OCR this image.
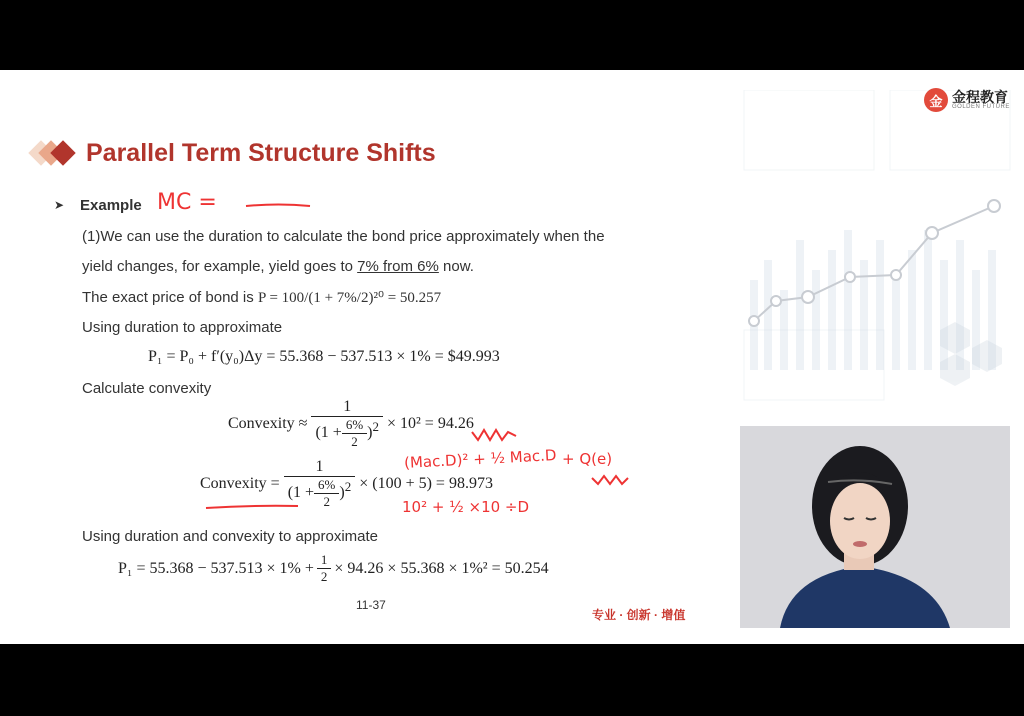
金 金程教育
GOLDEN FUTURE
Parallel Term Structure Shifts
➤ Example MC =
(1)We can use the duration to calculate the bond price approximately when the
yield changes, for example, yield goes to 7% from 6% now.
The exact price of bond is P = 100/(1 + 7%/2)²⁰ = 50.257
Using duration to approximate
P₁ = P₀ + f′(y₀)Δy = 55.368 − 537.513 × 1% = $49.993
Calculate convexity
Convexity ≈ $\frac{1}{(1 + \frac{6\%}{2} )^2} \times 10^2 = 94.26$
Convexity = $\frac{1}{(1 + \frac{6\%}{2} )^2} \times (100 + 5) = 98.973$
(Mac.D)² + ½ Mac.D + Q(e)
10² + ½ ×10 ÷D
Using duration and convexity to approximate
$P_1 = 55.368 - 537.513 \times 1\% + \frac{1}{2} \times 94.26 \times 55.368 \times 1\%^2 = 50.254$
11-37
专业 · 创新 · 增值
